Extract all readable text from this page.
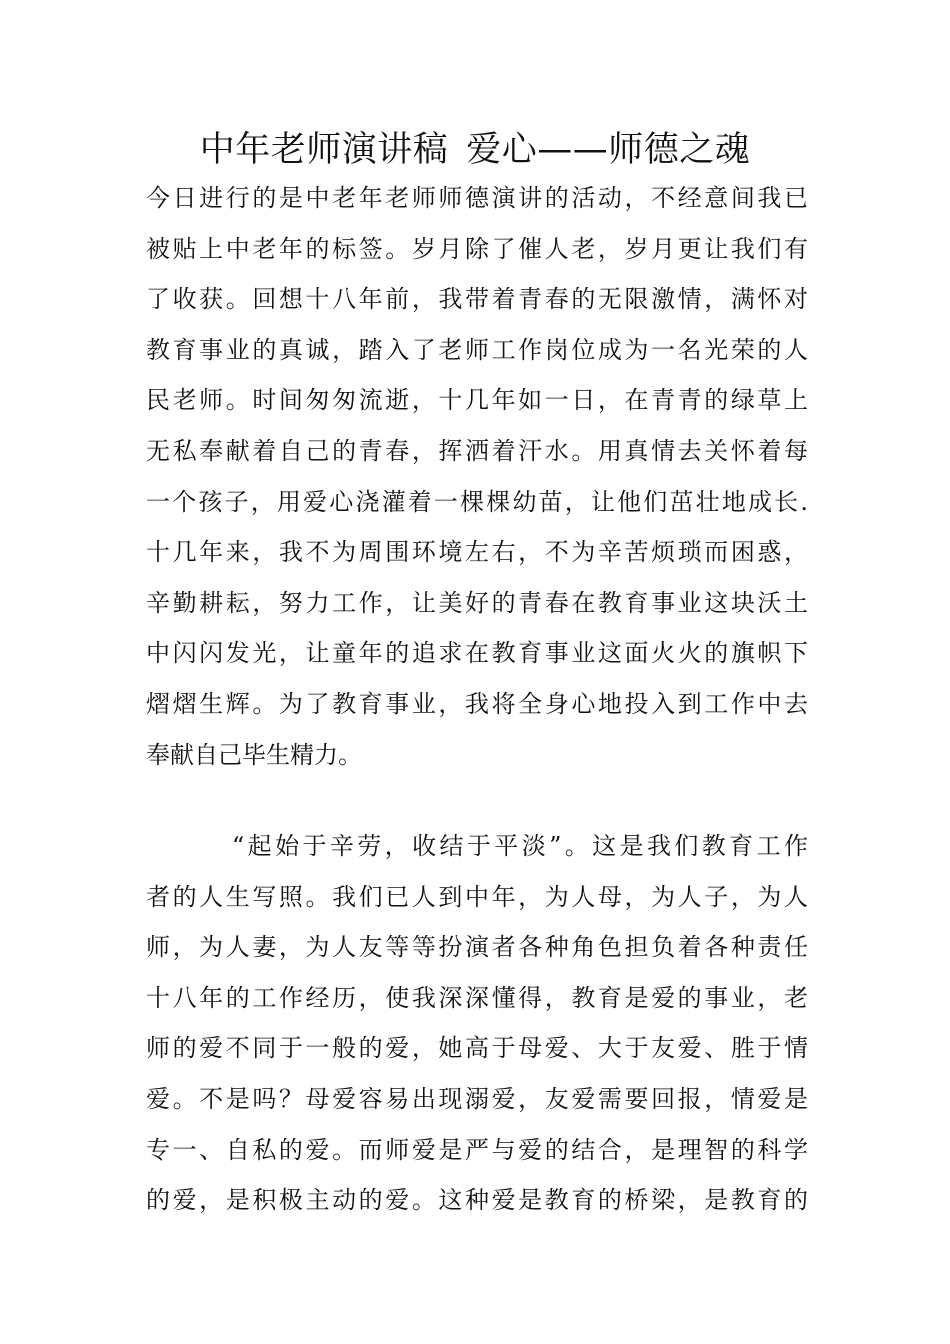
中年老师演讲稿 爱心——师德之魂
今日进行的是中老年老师师德演讲的活动，不经意间我已
被贴上中老年的标签。岁月除了催人老，岁月更让我们有
了收获。回想十八年前，我带着青春的无限激情，满怀对
教育事业的真诚，踏入了老师工作岗位成为一名光荣的人
民老师。时间匆匆流逝，十几年如一日，在青青的绿草上
无私奉献着自己的青春，挥洒着汗水。用真情去关怀着每
一个孩子，用爱心浇灌着一棵棵幼苗，让他们茁壮地成长.
十几年来，我不为周围环境左右，不为辛苦烦琐而困惑，
辛勤耕耘，努力工作，让美好的青春在教育事业这块沃土
中闪闪发光，让童年的追求在教育事业这面火火的旗帜下
熠熠生辉。为了教育事业，我将全身心地投入到工作中去
奉献自己毕生精力。
“起始于辛劳，收结于平淡”。这是我们教育工作
者的人生写照。我们已人到中年，为人母，为人子，为人
师，为人妻，为人友等等扮演者各种角色担负着各种责任
十八年的工作经历，使我深深懂得，教育是爱的事业，老
师的爱不同于一般的爱，她高于母爱、大于友爱、胜于情
爱。不是吗？母爱容易出现溺爱，友爱需要回报，情爱是
专一、自私的爱。而师爱是严与爱的结合，是理智的科学
的爱，是积极主动的爱。这种爱是教育的桥梁，是教育的
